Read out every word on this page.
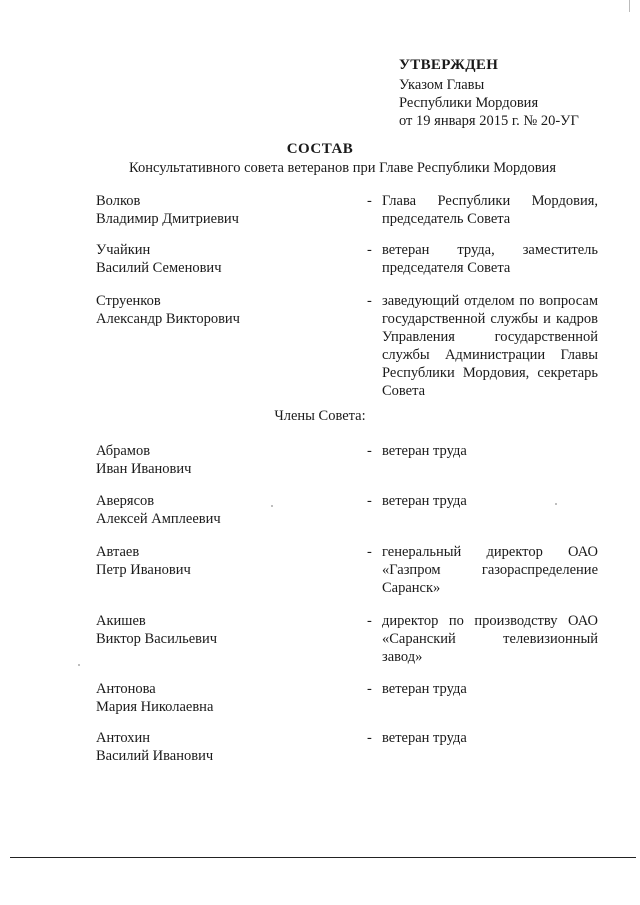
УТВЕРЖДЕН
Указом Главы
Республики Мордовия
от 19 января 2015 г. № 20-УГ
СОСТАВ
Консультативного совета ветеранов при Главе Республики Мордовия
Волков
Владимир Дмитриевич
- Глава Республики Мордовия, председатель Совета
Учайкин
Василий Семенович
- ветеран труда, заместитель председателя Совета
Струенков
Александр Викторович
- заведующий отделом по вопросам государственной службы и кадров Управления государственной службы Администрации Главы Республики Мордовия, секретарь Совета
Члены Совета:
Абрамов
Иван Иванович
- ветеран труда
Аверясов
Алексей Амплеевич
- ветеран труда
Автаев
Петр Иванович
- генеральный директор ОАО «Газпром газораспределение Саранск»
Акишев
Виктор Васильевич
- директор по производству ОАО «Саранский телевизионный завод»
Антонова
Мария Николаевна
- ветеран труда
Антохин
Василий Иванович
- ветеран труда
